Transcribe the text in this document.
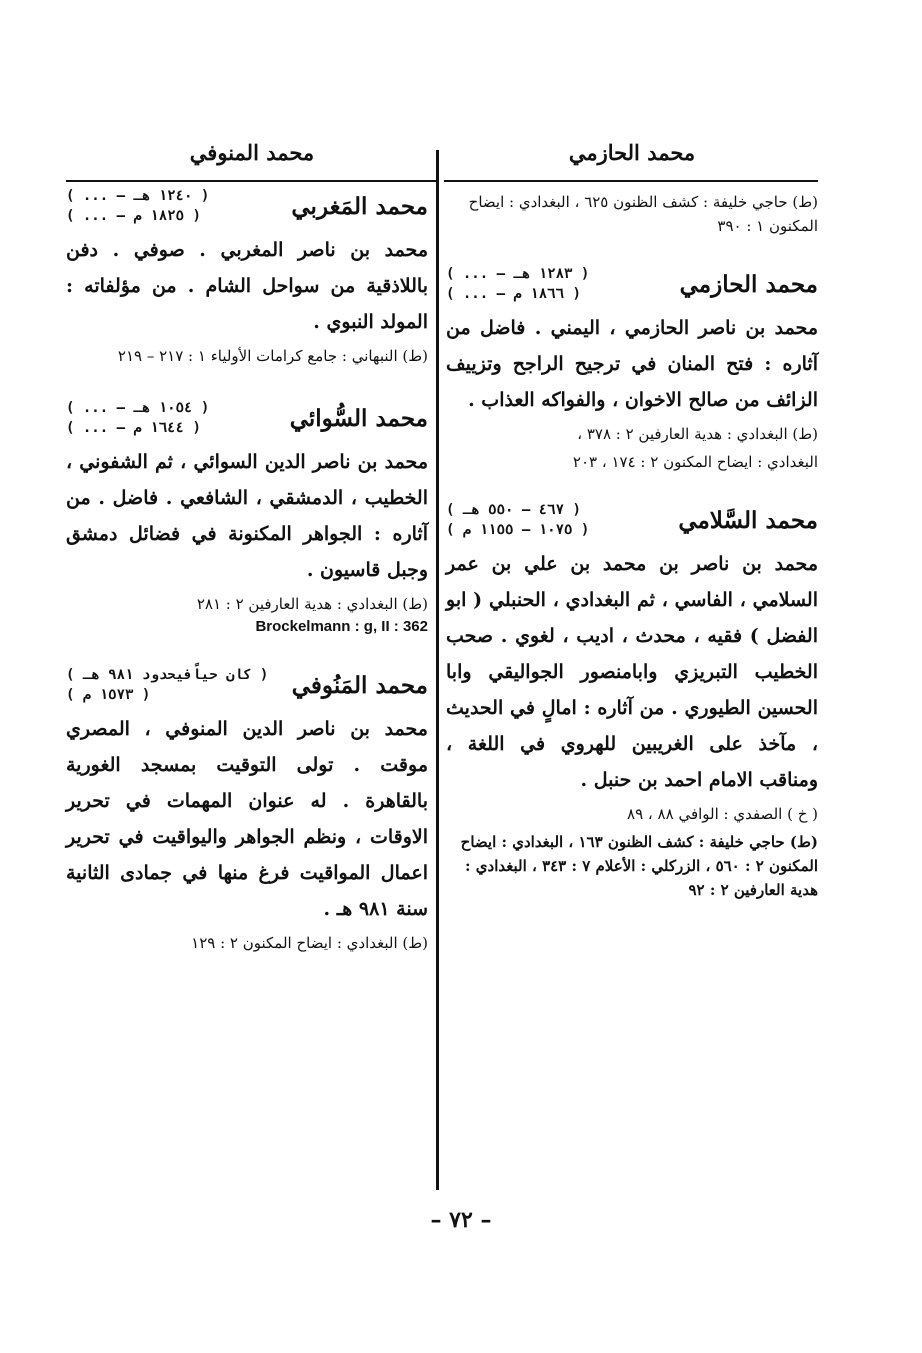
محمد الحازمي
محمد المنوفي
(ط) حاجي خليفة : كشف الظنون ٦٢٥ ، البغدادي : ايضاح المكنون ١ : ٣٩٠
محمد الحازمي
( ... – ١٢٨٣ هـ )
( ... – ١٨٦٦ م )
محمد بن ناصر الحازمي ، اليمني . فاضل من آثاره : فتح المنان في ترجيح الراجح وتزييف الزائف من صالح الاخوان ، والفواكه العذاب .
(ط) البغدادي : هدية العارفين ٢ : ٣٧٨ ،
البغدادي : ايضاح المكنون ٢ : ١٧٤ ، ٢٠٣
محمد السَّلامي
( ٤٦٧ – ٥٥٠ هـ )
( ١٠٧٥ – ١١٥٥ م )
محمد بن ناصر بن محمد بن علي بن عمر السلامي ، الفاسي ، ثم البغدادي ، الحنبلي ( ابو الفضل ) فقيه ، محدث ، اديب ، لغوي . صحب الخطيب التبريزي وابامنصور الجواليقي وابا الحسين الطيوري . من آثاره : امالٍ في الحديث ، مآخذ على الغريبين للهروي في اللغة ، ومناقب الامام احمد بن حنبل .
( خ ) الصفدي : الوافي ٨٨ ، ٨٩
(ط) حاجي خليفة : كشف الظنون ١٦٣ ، البغدادي : ايضاح المكنون ٢ : ٥٦٠ ، الزركلي : الأعلام ٧ : ٣٤٣ ، البغدادي : هدية العارفين ٢ : ٩٢
محمد المَغربي
( ... – ١٢٤٠ هـ )
( ... – ١٨٢٥ م )
محمد بن ناصر المغربي . صوفي . دفن باللاذقية من سواحل الشام . من مؤلفاته : المولد النبوي .
(ط) النبهاني : جامع كرامات الأولياء ١ : ٢١٧ – ٢١٩
محمد السُّوائي
( ... – ١٠٥٤ هـ )
( ... – ١٦٤٤ م )
محمد بن ناصر الدين السوائي ، ثم الشفوني ، الخطيب ، الدمشقي ، الشافعي . فاضل . من آثاره : الجواهر المكنونة في فضائل دمشق وجبل قاسيون .
(ط) البغدادي : هدية العارفين ٢ : ٢٨١
Brockelmann : g, II : 362
محمد المَنُوفي
( كان حياًفيحدود ٩٨١ هـ )
( ١٥٧٣ م )
محمد بن ناصر الدين المنوفي ، المصري موقت . تولى التوقيت بمسجد الغورية بالقاهرة . له عنوان المهمات في تحرير الاوقات ، ونظم الجواهر واليواقيت في تحرير اعمال المواقيت فرغ منها في جمادى الثانية سنة ٩٨١ هـ .
(ط) البغدادي : ايضاح المكنون ٢ : ١٢٩
– ٧٢ –
